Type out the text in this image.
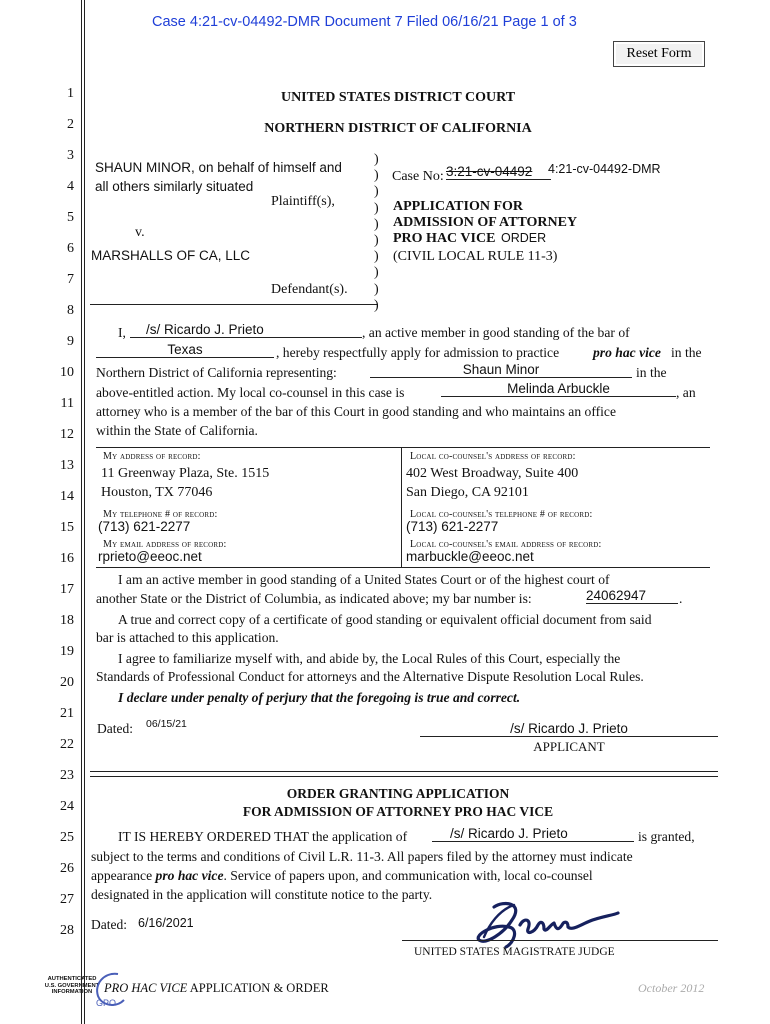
Case 4:21-cv-04492-DMR Document 7 Filed 06/16/21 Page 1 of 3
Reset Form
1
2
3
4
5
6
7
8
9
10
11
12
13
14
15
16
17
18
19
20
21
22
23
24
25
26
27
28
UNITED STATES DISTRICT COURT
NORTHERN DISTRICT OF CALIFORNIA
SHAUN MINOR, on behalf of himself and
all others similarly situated
Plaintiff(s),
v.
MARSHALLS OF CA, LLC
Defendant(s).
)
)
)
)
)
)
)
)
)
)
Case No: 3:21-cv-04492	4:21-cv-04492-DMR
APPLICATION FOR
ADMISSION OF ATTORNEY
PRO HAC VICE ORDER
(CIVIL LOCAL RULE 11-3)
I,	/s/ Ricardo J. Prieto	, an active member in good standing of the bar of
Texas	, hereby respectfully apply for admission to practice pro hac vice in the
Northern District of California representing:	Shaun Minor	in the
above-entitled action. My local co-counsel in this case is	Melinda Arbuckle	, an
attorney who is a member of the bar of this Court in good standing and who maintains an office
within the State of California.
My address of record:
11 Greenway Plaza, Ste. 1515
Houston, TX 77046
Local co-counsel's address of record:
402 West Broadway, Suite 400
San Diego, CA 92101
My telephone # of record:
(713) 621-2277
Local co-counsel's telephone # of record:
(713) 621-2277
My email address of record:
rprieto@eeoc.net
Local co-counsel's email address of record:
marbuckle@eeoc.net
I am an active member in good standing of a United States Court or of the highest court of
another State or the District of Columbia, as indicated above; my bar number is:	24062947	.
A true and correct copy of a certificate of good standing or equivalent official document from said
bar is attached to this application.
I agree to familiarize myself with, and abide by, the Local Rules of this Court, especially the
Standards of Professional Conduct for attorneys and the Alternative Dispute Resolution Local Rules.
I declare under penalty of perjury that the foregoing is true and correct.
Dated: 06/15/21	/s/ Ricardo J. Prieto
APPLICANT
ORDER GRANTING APPLICATION
FOR ADMISSION OF ATTORNEY PRO HAC VICE
IT IS HEREBY ORDERED THAT the application of	/s/ Ricardo J. Prieto	is granted,
subject to the terms and conditions of Civil L.R. 11-3. All papers filed by the attorney must indicate
appearance pro hac vice. Service of papers upon, and communication with, local co-counsel
designated in the application will constitute notice to the party.
Dated: 6/16/2021
UNITED STATES MAGISTRATE JUDGE
AUTHENTICATED
U.S. GOVERNMENT
INFORMATION
GPO
PRO HAC VICE APPLICATION & ORDER	October 2012
